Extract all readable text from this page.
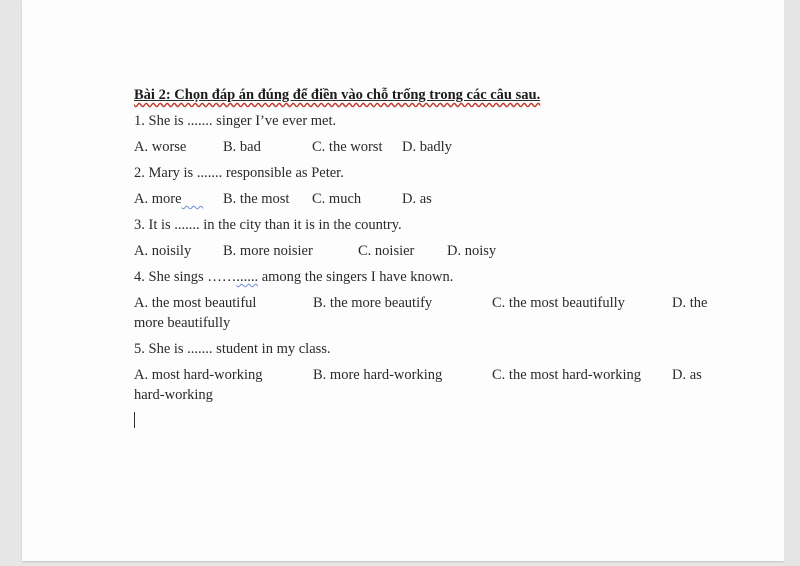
Bài 2: Chọn đáp án đúng để điền vào chỗ trống trong các câu sau.
1. She is ....... singer I’ve ever met.
A. worse	B. bad	C. the worst D. badly
2. Mary is ....... responsible as Peter.
A. more	B. the most C. much	D. as
3. It is ....... in the city than it is in the country.
A. noisily B. more noisier	C. noisier D. noisy
4. She sings ……...... among the singers I have known.
A. the most beautiful	B. the more beautify	C. the most beautifully	D. the
more beautifully
5. She is ....... student in my class.
A. most hard-working	B. more hard-working	C. the most hard-working D. as
hard-working
